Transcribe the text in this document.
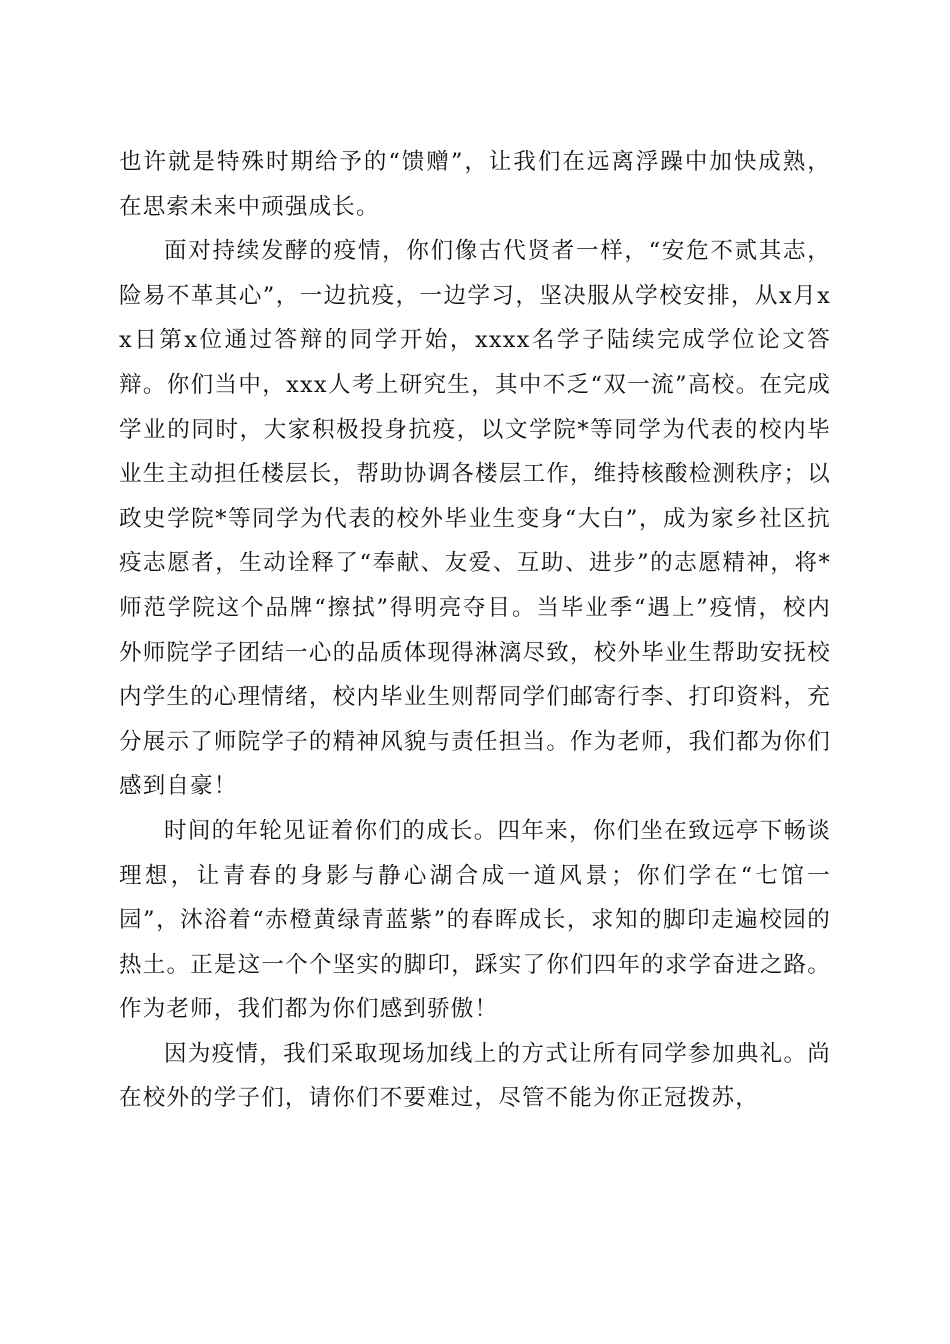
也许就是特殊时期给予的“馈赠”，让我们在远离浮躁中加快成熟，在思索未来中顽强成长。

面对持续发酵的疫情，你们像古代贤者一样，“安危不贰其志，险易不革其心”，一边抗疫，一边学习，坚决服从学校安排，从x月xx日第x位通过答辩的同学开始，xxxx名学子陆续完成学位论文答辩。你们当中，xxx人考上研究生，其中不乏“双一流”高校。在完成学业的同时，大家积极投身抗疫，以文学院*等同学为代表的校内毕业生主动担任楼层长，帮助协调各楼层工作，维持核酸检测秩序；以政史学院*等同学为代表的校外毕业生变身“大白”，成为家乡社区抗疫志愿者，生动诠释了“奉献、友爱、互助、进步”的志愿精神，将*师范学院这个品牌“擦拭”得明亮夺目。当毕业季“遇上”疫情，校内外师院学子团结一心的品质体现得淋漓尽致，校外毕业生帮助安抚校内学生的心理情绪，校内毕业生则帮同学们邮寄行李、打印资料，充分展示了师院学子的精神风貌与责任担当。作为老师，我们都为你们感到自豪！

时间的年轮见证着你们的成长。四年来，你们坐在致远亭下畅谈理想，让青春的身影与静心湖合成一道风景；你们学在“七馆一园”，沐浴着“赤橙黄绿青蓝紫”的春晖成长，求知的脚印走遍校园的热土。正是这一个个坚实的脚印，踩实了你们四年的求学奋进之路。作为老师，我们都为你们感到骄傲！

因为疫情，我们采取现场加线上的方式让所有同学参加典礼。尚在校外的学子们，请你们不要难过，尽管不能为你正冠拨苏，
